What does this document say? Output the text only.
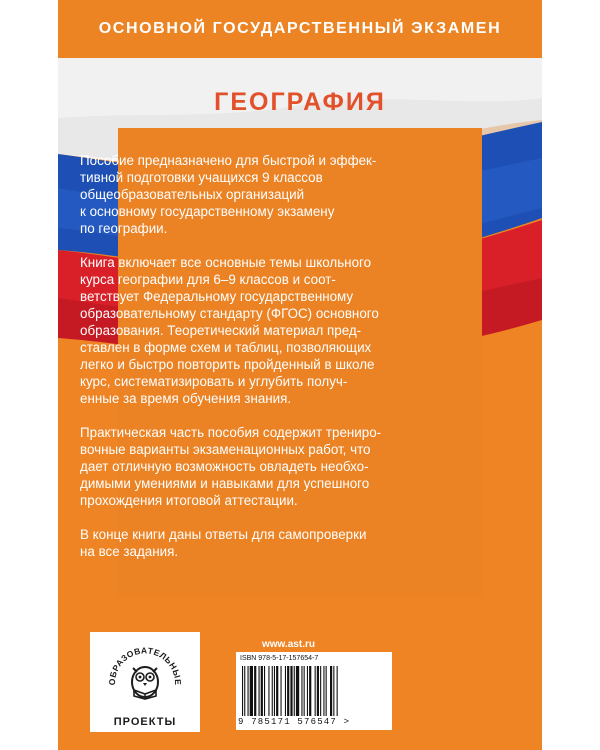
ОСНОВНОЙ ГОСУДАРСТВЕННЫЙ ЭКЗАМЕН
ГЕОГРАФИЯ

Пособие предназначено для быстрой и эффек-
тивной подготовки учащихся 9 классов
общеобразовательных организаций
к основному государственному экзамену
по географии.

Книга включает все основные темы школьного
курса географии для 6–9 классов и соот-
ветствует Федеральному государственному
образовательному стандарту (ФГОС) основного
образования. Теоретический материал пред-
ставлен в форме схем и таблиц, позволяющих
легко и быстро повторить пройденный в школе
курс, систематизировать и углубить получ-
енные за время обучения знания.

Практическая часть пособия содержит трениро-
вочные варианты экзаменационных работ, что
дает отличную возможность овладеть необхо-
димыми умениями и навыками для успешного
прохождения итоговой аттестации.

В конце книги даны ответы для самопроверки
на все задания.

ОБРАЗОВАТЕЛЬНЫЕ
ПРОЕКТЫ
www.ast.ru
ISBN 978-5-17-157654-7
9 785171 576547 >
